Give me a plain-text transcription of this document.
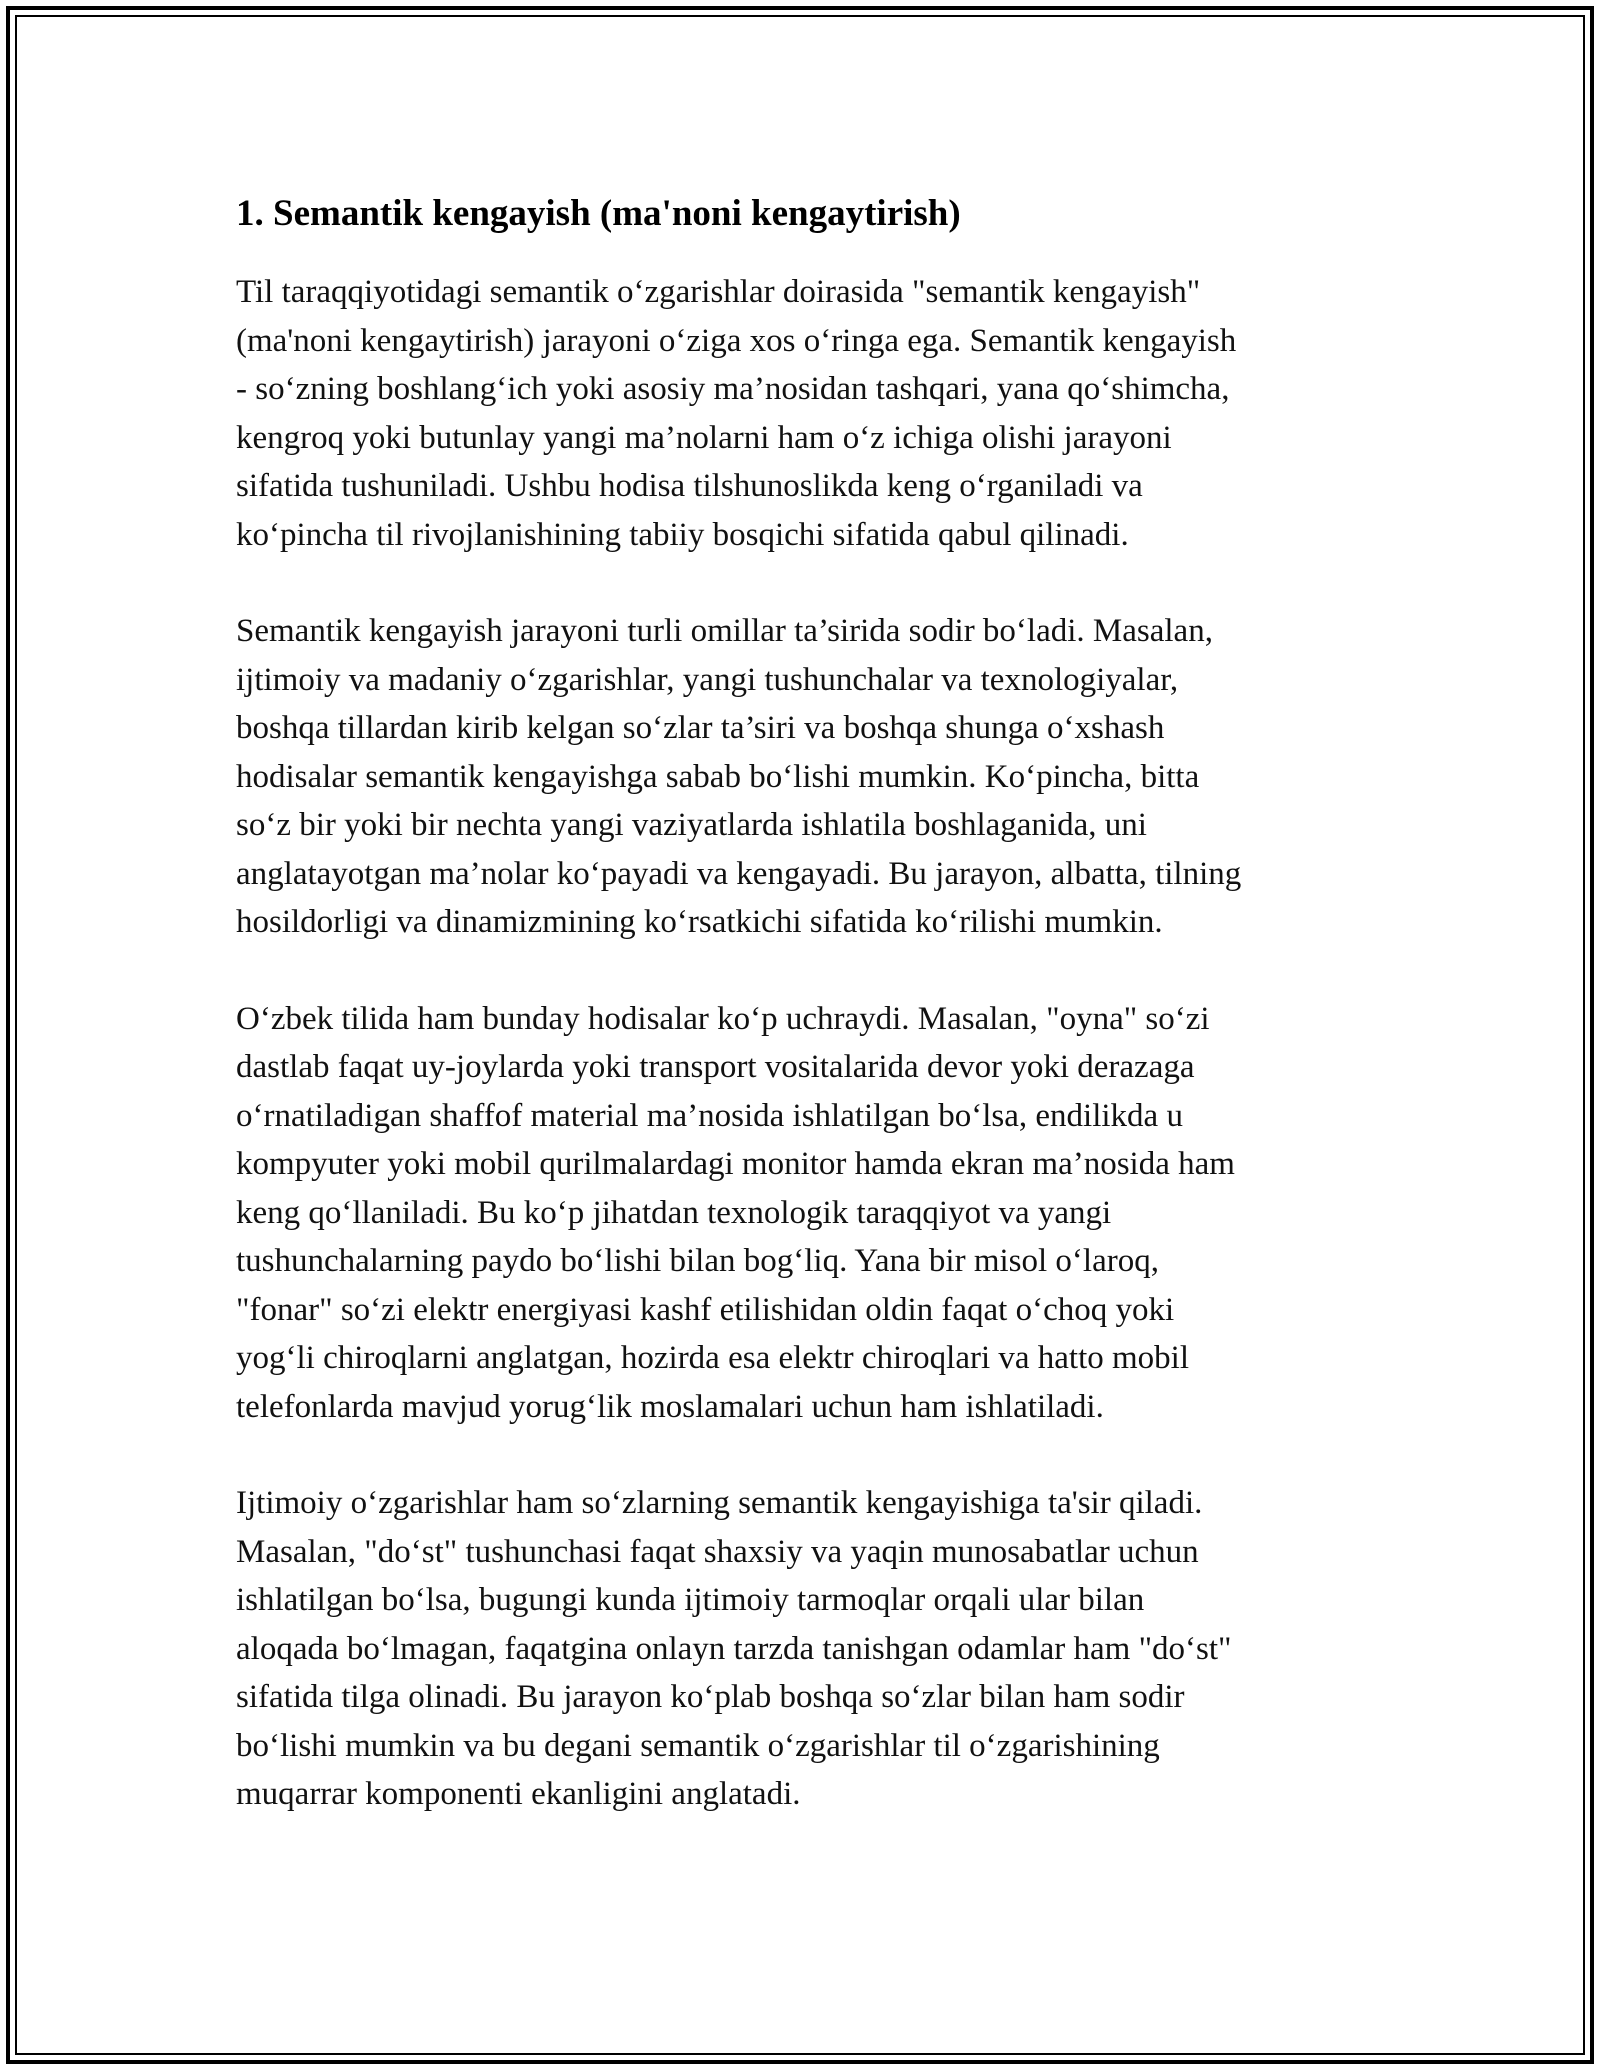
1. Semantik kengayish (ma'noni kengaytirish)

Til taraqqiyotidagi semantik o‘zgarishlar doirasida "semantik kengayish"
(ma'noni kengaytirish) jarayoni o‘ziga xos o‘ringa ega. Semantik kengayish
- so‘zning boshlang‘ich yoki asosiy ma’nosidan tashqari, yana qo‘shimcha,
kengroq yoki butunlay yangi ma’nolarni ham o‘z ichiga olishi jarayoni
sifatida tushuniladi. Ushbu hodisa tilshunoslikda keng o‘rganiladi va
ko‘pincha til rivojlanishining tabiiy bosqichi sifatida qabul qilinadi.

Semantik kengayish jarayoni turli omillar ta’sirida sodir bo‘ladi. Masalan,
ijtimoiy va madaniy o‘zgarishlar, yangi tushunchalar va texnologiyalar,
boshqa tillardan kirib kelgan so‘zlar ta’siri va boshqa shunga o‘xshash
hodisalar semantik kengayishga sabab bo‘lishi mumkin. Ko‘pincha, bitta
so‘z bir yoki bir nechta yangi vaziyatlarda ishlatila boshlaganida, uni
anglatayotgan ma’nolar ko‘payadi va kengayadi. Bu jarayon, albatta, tilning
hosildorligi va dinamizmining ko‘rsatkichi sifatida ko‘rilishi mumkin.

O‘zbek tilida ham bunday hodisalar ko‘p uchraydi. Masalan, "oyna" so‘zi
dastlab faqat uy-joylarda yoki transport vositalarida devor yoki derazaga
o‘rnatiladigan shaffof material ma’nosida ishlatilgan bo‘lsa, endilikda u
kompyuter yoki mobil qurilmalardagi monitor hamda ekran ma’nosida ham
keng qo‘llaniladi. Bu ko‘p jihatdan texnologik taraqqiyot va yangi
tushunchalarning paydo bo‘lishi bilan bog‘liq. Yana bir misol o‘laroq,
"fonar" so‘zi elektr energiyasi kashf etilishidan oldin faqat o‘choq yoki
yog‘li chiroqlarni anglatgan, hozirda esa elektr chiroqlari va hatto mobil
telefonlarda mavjud yorug‘lik moslamalari uchun ham ishlatiladi.

Ijtimoiy o‘zgarishlar ham so‘zlarning semantik kengayishiga ta'sir qiladi.
Masalan, "do‘st" tushunchasi faqat shaxsiy va yaqin munosabatlar uchun
ishlatilgan bo‘lsa, bugungi kunda ijtimoiy tarmoqlar orqali ular bilan
aloqada bo‘lmagan, faqatgina onlayn tarzda tanishgan odamlar ham "do‘st"
sifatida tilga olinadi. Bu jarayon ko‘plab boshqa so‘zlar bilan ham sodir
bo‘lishi mumkin va bu degani semantik o‘zgarishlar til o‘zgarishining
muqarrar komponenti ekanligini anglatadi.
